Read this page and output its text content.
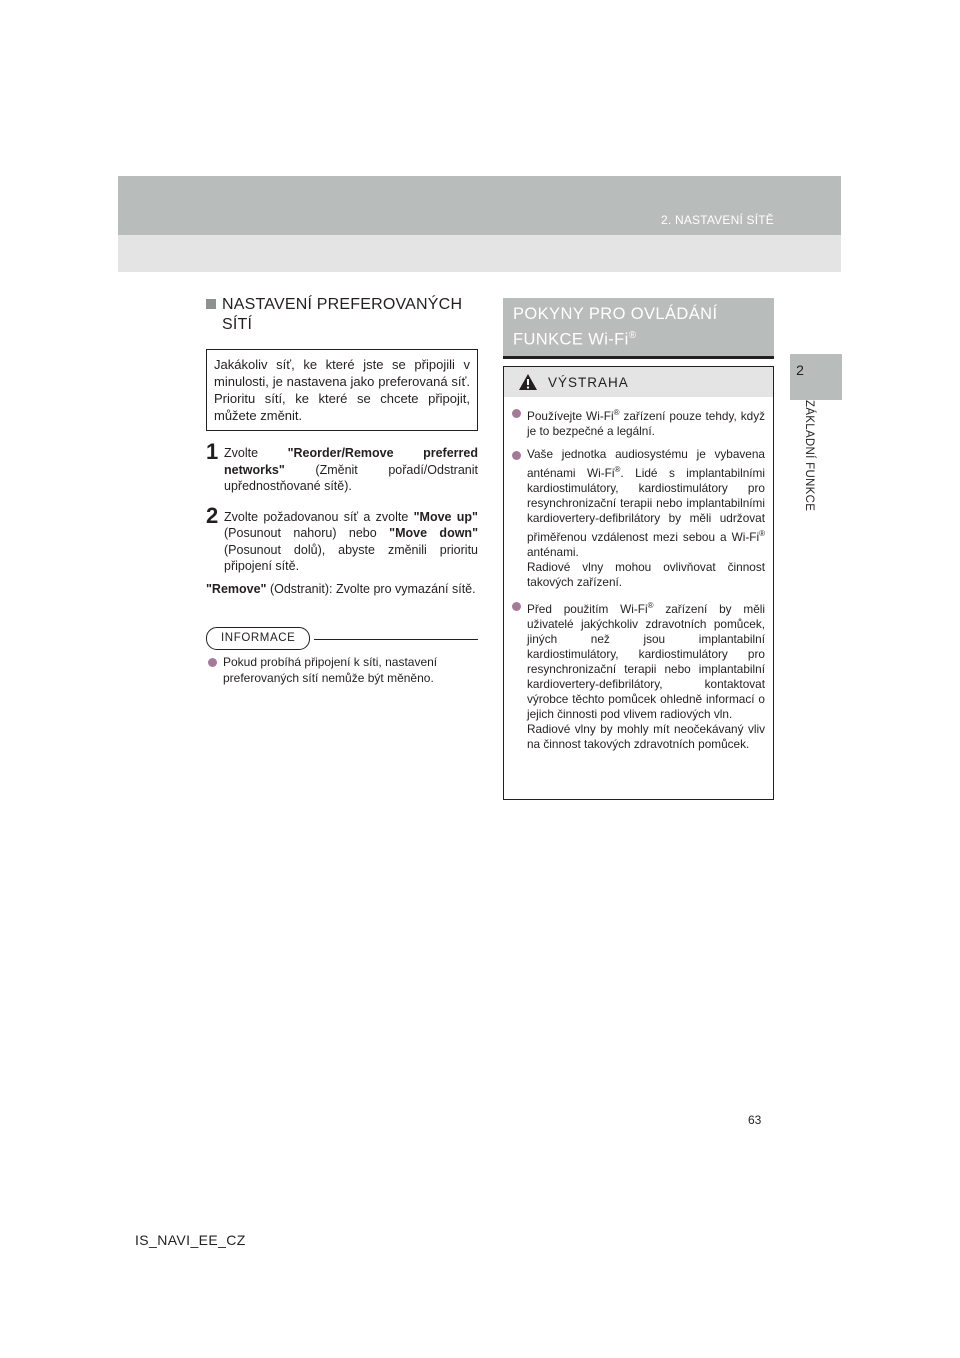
2. NASTAVENÍ SÍTĚ
2
ZÁKLADNÍ FUNKCE
NASTAVENÍ PREFEROVANÝCH SÍTÍ
Jakákoliv síť, ke které jste se připojili v minulosti, je nastavena jako preferovaná síť. Prioritu sítí, ke které se chcete připojit, můžete změnit.
1 Zvolte "Reorder/Remove preferred networks" (Změnit pořadí/Odstranit upřednostňované sítě).
2 Zvolte požadovanou síť a zvolte "Move up" (Posunout nahoru) nebo "Move down" (Posunout dolů), abyste změnili prioritu připojení sítě.
"Remove" (Odstranit): Zvolte pro vymazání sítě.
INFORMACE
Pokud probíhá připojení k síti, nastavení preferovaných sítí nemůže být měněno.
POKYNY PRO OVLÁDÁNÍ
FUNKCE Wi-Fi®
VÝSTRAHA
Používejte Wi-Fi® zařízení pouze tehdy, když je to bezpečné a legální.
Vaše jednotka audiosystému je vybavena anténami Wi-Fi®. Lidé s implantabilními kardiostimulátory, kardiostimulátory pro resynchronizační terapii nebo implantabilními kardiovertery-defibrilátory by měli udržovat přiměřenou vzdálenost mezi sebou a Wi-Fi® anténami.
Radiové vlny mohou ovlivňovat činnost takových zařízení.
Před použitím Wi-Fi® zařízení by měli uživatelé jakýchkoliv zdravotních pomůcek, jiných než jsou implantabilní kardiostimulátory, kardiostimulátory pro resynchronizační terapii nebo implantabilní kardiovertery-defibrilátory, kontaktovat výrobce těchto pomůcek ohledně informací o jejich činnosti pod vlivem radiových vln.
Radiové vlny by mohly mít neočekávaný vliv na činnost takových zdravotních pomůcek.
63
IS_NAVI_EE_CZ
